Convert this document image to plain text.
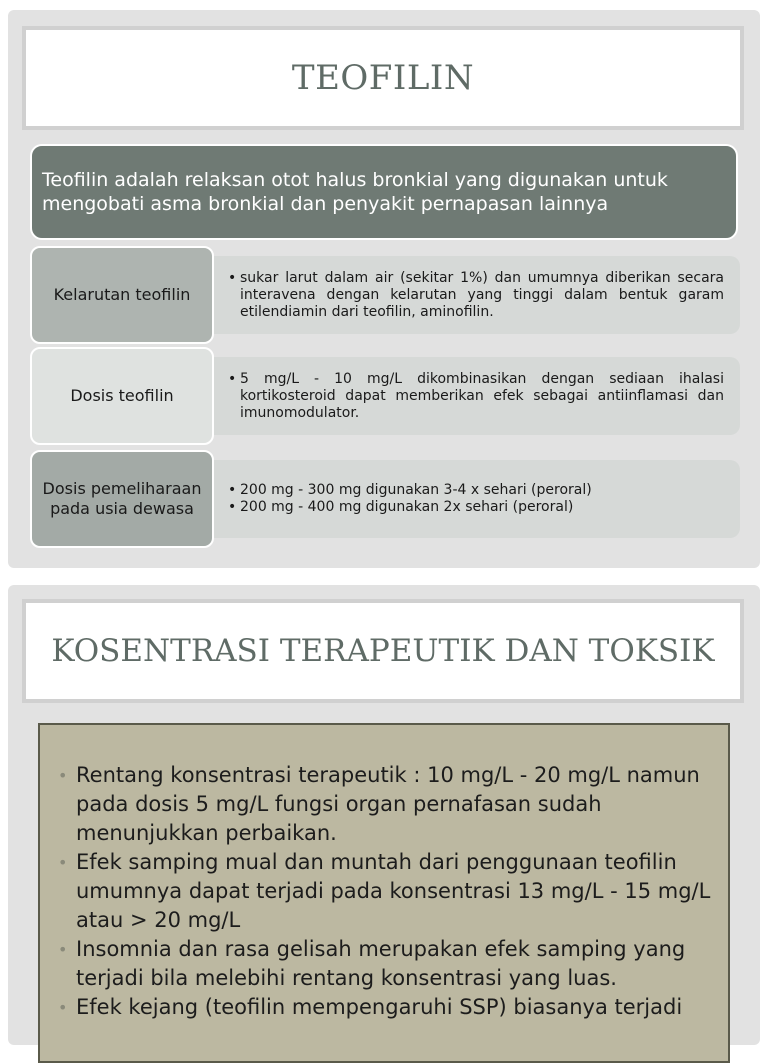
TEOFILIN
Teofilin adalah relaksan otot halus bronkial yang digunakan untuk mengobati asma bronkial dan penyakit pernapasan lainnya
• sukar larut dalam air (sekitar 1%) dan umumnya diberikan secara interavena dengan kelarutan yang tinggi dalam bentuk garam etilendiamin dari teofilin, aminofilin.
Kelarutan teofilin
• 5 mg/L - 10 mg/L dikombinasikan dengan sediaan ihalasi kortikosteroid dapat memberikan efek sebagai antiinflamasi dan imunomodulator.
Dosis teofilin
• 200 mg - 300 mg digunakan 3-4 x sehari (peroral)
• 200 mg - 400 mg digunakan 2x sehari (peroral)
Dosis pemeliharaan pada usia dewasa
KOSENTRASI TERAPEUTIK DAN TOKSIK
• Rentang konsentrasi terapeutik : 10 mg/L - 20 mg/L namun pada dosis 5 mg/L fungsi organ pernafasan sudah menunjukkan perbaikan.
• Efek samping mual dan muntah dari penggunaan teofilin umumnya dapat terjadi pada konsentrasi 13 mg/L - 15 mg/L atau > 20 mg/L
• Insomnia dan rasa gelisah merupakan efek samping yang terjadi bila melebihi rentang konsentrasi yang luas.
• Efek kejang (teofilin mempengaruhi SSP) biasanya terjadi
